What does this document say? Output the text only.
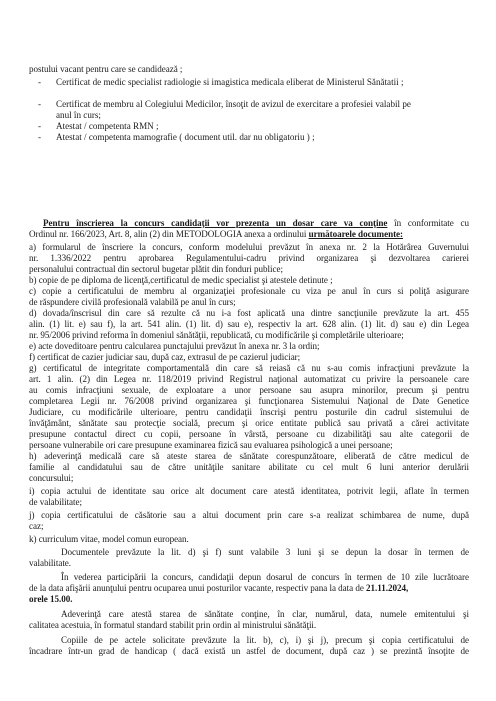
postului vacant pentru care se candidează ;
- Certificat de medic specialist radiologie si imagistica medicala eliberat de Ministerul Sănătatii ;
- Certificat de membru al Colegiului Medicilor, însoţit de avizul de exercitare a profesiei valabil pe
anul în curs;
- Atestat / competenta RMN ;
- Atestat / competenta mamografie ( document util. dar nu obligatoriu ) ;
Pentru înscrierea la concurs candidaţii vor prezenta un dosar care va conţine în conformitate cu
Ordinul nr. 166/2023, Art. 8, alin (2) din METODOLOGIA anexa a ordinului următoarele documente:
a) formularul de înscriere la concurs, conform modelului prevăzut în anexa nr. 2 la Hotărârea Guvernului
nr. 1.336/2022 pentru aprobarea Regulamentului-cadru privind organizarea şi dezvoltarea carierei
personalului contractual din sectorul bugetar plătit din fonduri publice;
b) copie de pe diploma de licenţă,certificatul de medic specialist şi atestele detinute ;
c) copie a certificatului de membru al organizaţiei profesionale cu viza pe anul în curs si poliţă asigurare
de răspundere civilă profesională valabilă pe anul în curs;
d) dovada/înscrisul din care să rezulte că nu i-a fost aplicată una dintre sancţiunile prevăzute la art. 455
alin. (1) lit. e) sau f), la art. 541 alin. (1) lit. d) sau e), respectiv la art. 628 alin. (1) lit. d) sau e) din Legea
nr. 95/2006 privind reforma în domeniul sănătăţii, republicată, cu modificările şi completările ulterioare;
e) acte doveditoare pentru calcularea punctajului prevăzut în anexa nr. 3 la ordin;
f) certificat de cazier judiciar sau, după caz, extrasul de pe cazierul judiciar;
g) certificatul de integritate comportamentală din care să reiasă că nu s-au comis infracţiuni prevăzute la
art. 1 alin. (2) din Legea nr. 118/2019 privind Registrul naţional automatizat cu privire la persoanele care
au comis infracţiuni sexuale, de exploatare a unor persoane sau asupra minorilor, precum şi pentru
completarea Legii nr. 76/2008 privind organizarea şi funcţionarea Sistemului Naţional de Date Genetice
Judiciare, cu modificările ulterioare, pentru candidaţii înscrişi pentru posturile din cadrul sistemului de
învăţământ, sănătate sau protecţie socială, precum şi orice entitate publică sau privată a cărei activitate
presupune contactul direct cu copii, persoane în vârstă, persoane cu dizabilităţi sau alte categorii de
persoane vulnerabile ori care presupune examinarea fizică sau evaluarea psihologică a unei persoane;
h) adeverinţă medicală care să ateste starea de sănătate corespunzătoare, eliberată de către medicul de
familie al candidatului sau de către unităţile sanitare abilitate cu cel mult 6 luni anterior derulării
concursului;
i) copia actului de identitate sau orice alt document care atestă identitatea, potrivit legii, aflate în termen
de valabilitate;
j) copia certificatului de căsătorie sau a altui document prin care s-a realizat schimbarea de nume, după
caz;
k) curriculum vitae, model comun european.
Documentele prevăzute la lit. d) şi f) sunt valabile 3 luni şi se depun la dosar în termen de
valabilitate.
În vederea participării la concurs, candidaţii depun dosarul de concurs în termen de 10 zile lucrătoare
de la data afişării anunţului pentru ocuparea unui posturilor vacante, respectiv pana la data de 21.11.2024,
orele 15.00.
Adeverinţă care atestă starea de sănătate conţine, în clar, numărul, data, numele emitentului şi
calitatea acestuia, în formatul standard stabilit prin ordin al ministrului sănătăţii.
Copiile de pe actele solicitate prevăzute la lit. b), c), i) şi j), precum şi copia certificatului de
încadrare într-un grad de handicap ( dacă există un astfel de document, după caz ) se prezintă însoţite de
